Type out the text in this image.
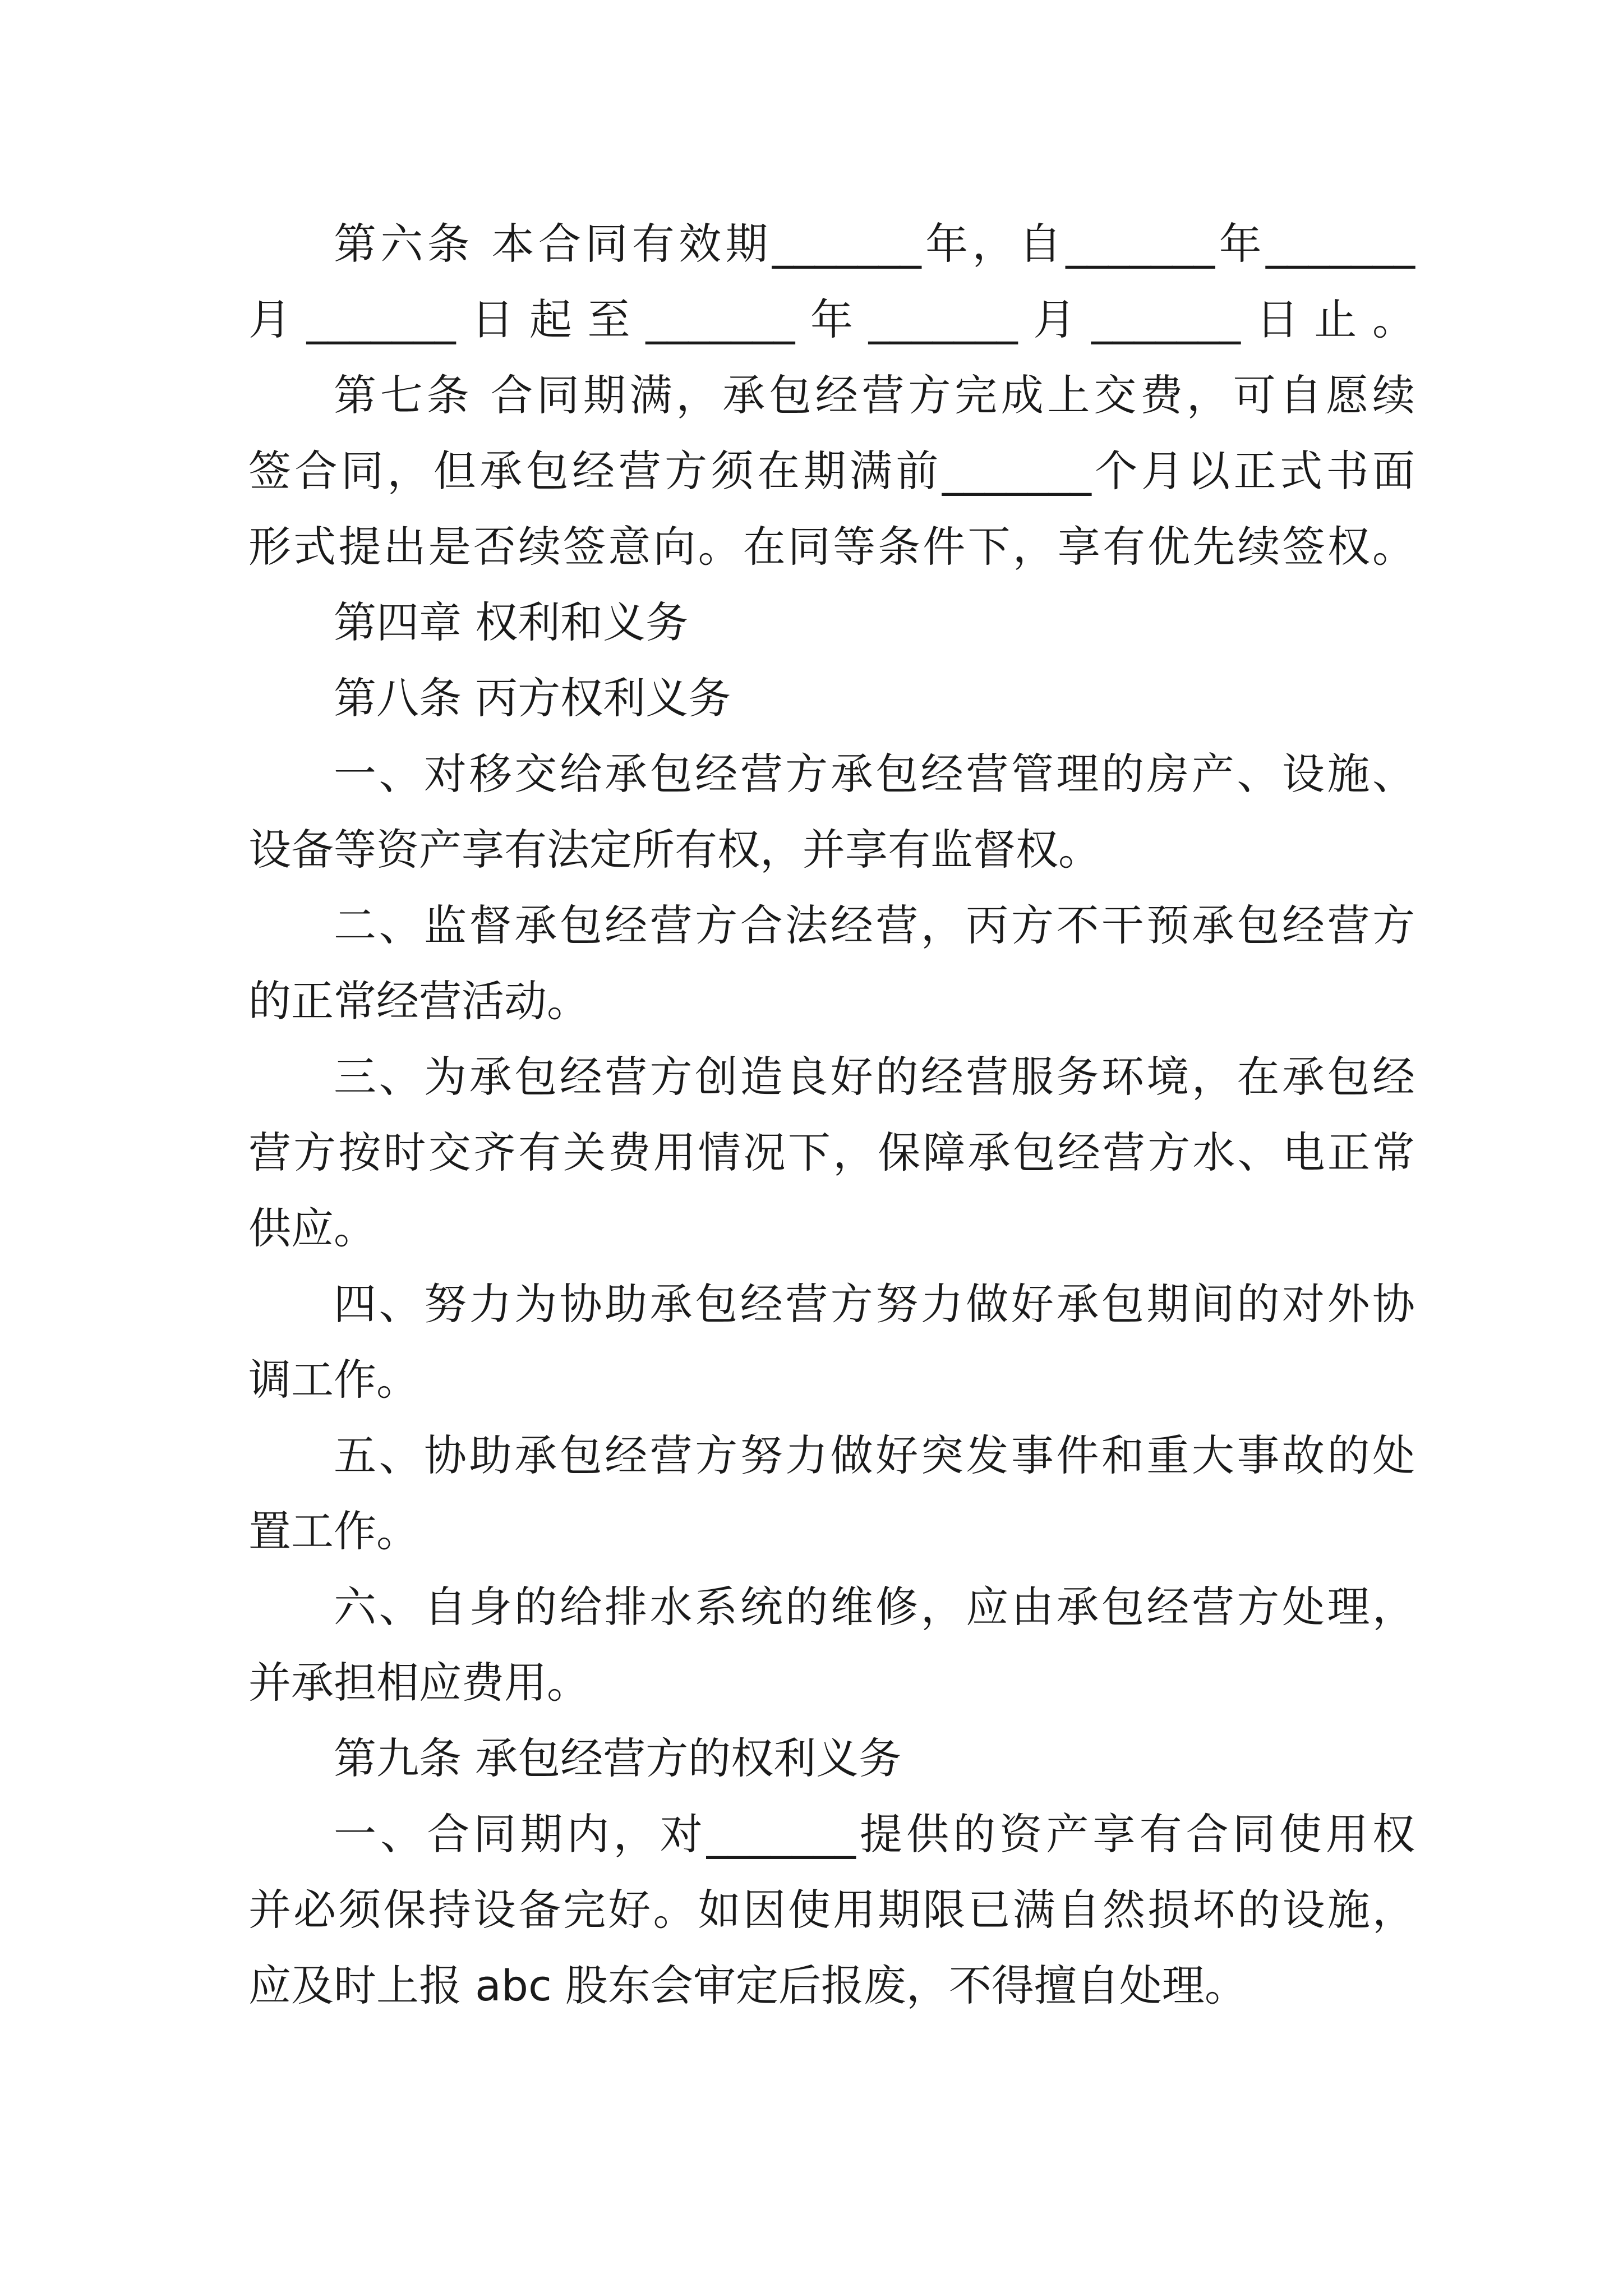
第六条 本合同有效期_______年，自_______年_______
月_______日起至_______年_______月_______日止。
第七条 合同期满，承包经营方完成上交费，可自愿续
签合同，但承包经营方须在期满前_______个月以正式书面
形式提出是否续签意向。在同等条件下，享有优先续签权。
第四章 权利和义务
第八条 丙方权利义务
一、对移交给承包经营方承包经营管理的房产、设施、
设备等资产享有法定所有权，并享有监督权。
二、监督承包经营方合法经营，丙方不干预承包经营方
的正常经营活动。
三、为承包经营方创造良好的经营服务环境，在承包经
营方按时交齐有关费用情况下，保障承包经营方水、电正常
供应。
四、努力为协助承包经营方努力做好承包期间的对外协
调工作。
五、协助承包经营方努力做好突发事件和重大事故的处
置工作。
六、自身的给排水系统的维修，应由承包经营方处理，
并承担相应费用。
第九条 承包经营方的权利义务
一、合同期内，对_______提供的资产享有合同使用权
并必须保持设备完好。如因使用期限已满自然损坏的设施，
应及时上报 abc 股东会审定后报废，不得擅自处理。
